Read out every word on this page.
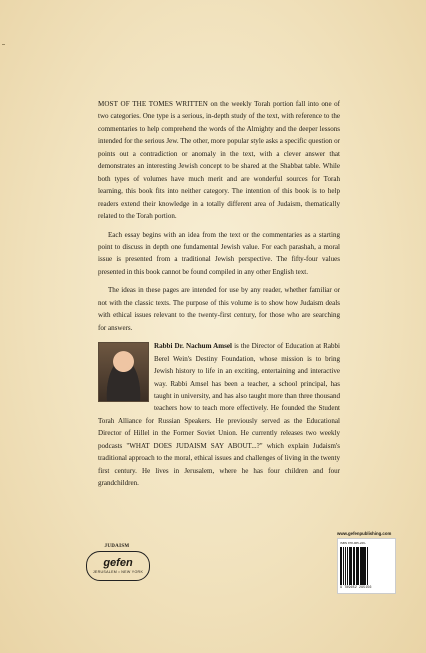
MOST OF THE TOMES WRITTEN on the weekly Torah portion fall into one of two categories. One type is a serious, in-depth study of the text, with reference to the commentaries to help comprehend the words of the Almighty and the deeper lessons intended for the serious Jew. The other, more popular style asks a specific question or points out a contradiction or anomaly in the text, with a clever answer that demonstrates an interesting Jewish concept to be shared at the Shabbat table. While both types of volumes have much merit and are wonderful sources for Torah learning, this book fits into neither category. The intention of this book is to help readers extend their knowledge in a totally different area of Judaism, thematically related to the Torah portion.

Each essay begins with an idea from the text or the commentaries as a starting point to discuss in depth one fundamental Jewish value. For each parashah, a moral issue is presented from a traditional Jewish perspective. The fifty-four values presented in this book cannot be found compiled in any other English text.

The ideas in these pages are intended for use by any reader, whether familiar or not with the classic texts. The purpose of this volume is to show how Judaism deals with ethical issues relevant to the twenty-first century, for those who are searching for answers.

Rabbi Dr. Nachum Amsel is the Director of Education at Rabbi Berel Wein's Destiny Foundation, whose mission is to bring Jewish history to life in an exciting, entertaining and interactive way. Rabbi Amsel has been a teacher, a school principal, has taught in university, and has also taught more than three thousand teachers how to teach more effectively. He founded the Student Torah Alliance for Russian Speakers. He previously served as the Educational Director of Hillel in the Former Soviet Union. He currently releases two weekly podcasts "WHAT DOES JUDAISM SAY ABOUT...?" which explain Judaism's traditional approach to the moral, ethical issues and challenges of living in the twenty first century. He lives in Jerusalem, where he has four children and four grandchildren.
JUDAISM
gefen
JERUSALEM • NEW YORK
www.gefenpublishing.com
ISBN 978-965-229-
9 789652 295156
